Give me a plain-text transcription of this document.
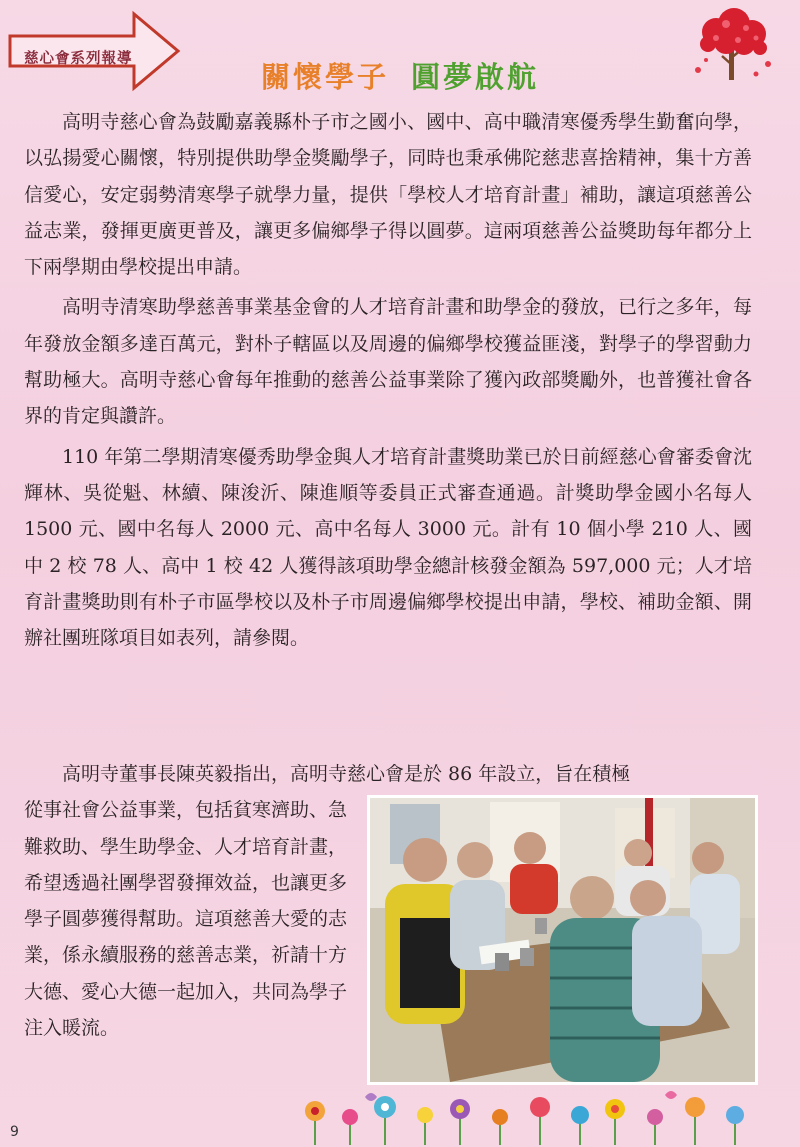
慈心會系列報導
關懷學子 圓夢啟航

高明寺慈心會為鼓勵嘉義縣朴子市之國小、國中、高中職清寒優秀學生勤奮向學，以弘揚愛心關懷，特別提供助學金獎勵學子，同時也秉承佛陀慈悲喜捨精神，集十方善信愛心，安定弱勢清寒學子就學力量，提供「學校人才培育計畫」補助，讓這項慈善公益志業，發揮更廣更普及，讓更多偏鄉學子得以圓夢。這兩項慈善公益獎助每年都分上下兩學期由學校提出申請。

高明寺清寒助學慈善事業基金會的人才培育計畫和助學金的發放，已行之多年，每年發放金額多達百萬元，對朴子轄區以及周邊的偏鄉學校獲益匪淺，對學子的學習動力幫助極大。高明寺慈心會每年推動的慈善公益事業除了獲內政部獎勵外，也普獲社會各界的肯定與讚許。

110 年第二學期清寒優秀助學金與人才培育計畫獎助業已於日前經慈心會審委會沈輝林、吳從魁、林續、陳浚沂、陳進順等委員正式審查通過。計獎助學金國小名每人 1500 元、國中名每人 2000 元、高中名每人 3000 元。計有 10 個小學 210 人、國中 2 校 78 人、高中 1 校 42 人獲得該項助學金總計核發金額為 597,000 元；人才培育計畫獎助則有朴子市區學校以及朴子市周邊偏鄉學校提出申請，學校、補助金額、開辦社團班隊項目如表列，請參閱。

高明寺董事長陳英毅指出，高明寺慈心會是於 86 年設立，旨在積極
從事社會公益事業，包括貧寒濟助、急難救助、學生助學金、人才培育計畫，希望透過社團學習發揮效益，也讓更多學子圓夢獲得幫助。這項慈善大愛的志業，係永續服務的慈善志業，祈請十方大德、愛心大德一起加入，共同為學子注入暖流。
9
